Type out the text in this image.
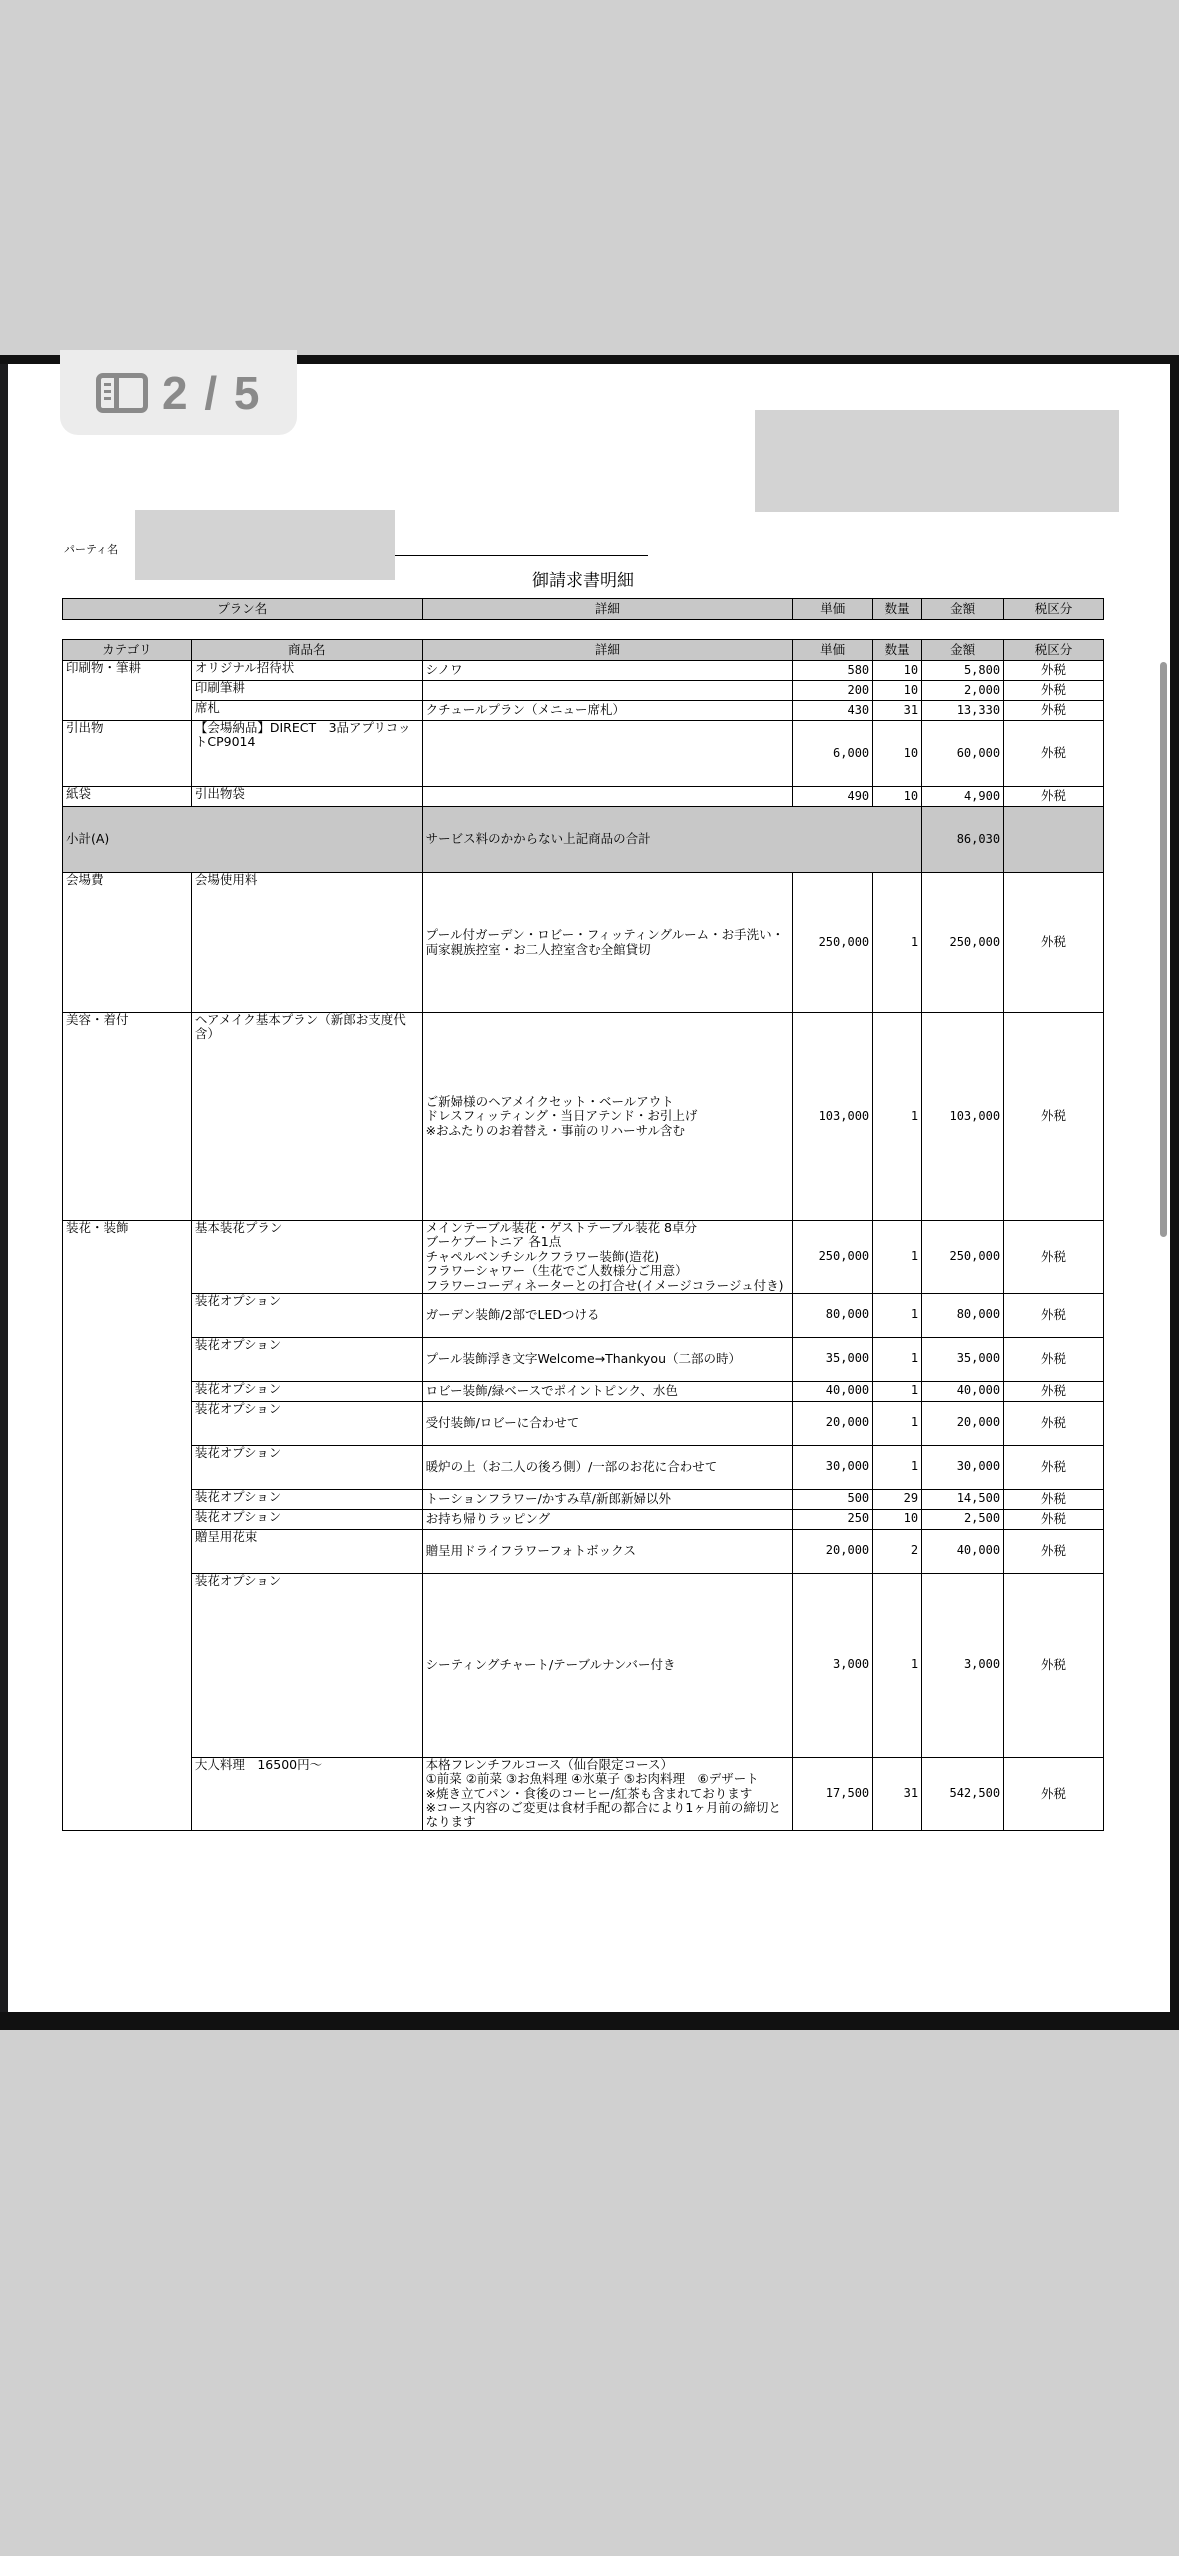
パーティ名
御請求書明細
プラン名	詳細	単価	数量	金額	税区分
カテゴリ	商品名	詳細	単価	数量	金額	税区分
印刷物・筆耕	オリジナル招待状	シノワ	580	10	5,800	外税
	印刷筆耕		200	10	2,000	外税
	席札	クチュールプラン（メニュー席札）	430	31	13,330	外税
引出物	【会場納品】DIRECT　3品アプリコットCP9014		6,000	10	60,000	外税
紙袋	引出物袋		490	10	4,900	外税
小計(A)		サービス料のかからない上記商品の合計			86,030	
会場費	会場使用料	プール付ガーデン・ロビー・フィッティングルーム・お手洗い・両家親族控室・お二人控室含む全館貸切	250,000	1	250,000	外税
美容・着付	ヘアメイク基本プラン（新郎お支度代含）	ご新婦様のヘアメイクセット・ベールアウト
ドレスフィッティング・当日アテンド・お引上げ
※おふたりのお着替え・事前のリハーサル含む	103,000	1	103,000	外税
装花・装飾	基本装花プラン	メインテーブル装花・ゲストテーブル装花 8卓分
ブーケブートニア 各1点
チャペルベンチシルクフラワー装飾(造花)
フラワーシャワー（生花でご人数様分ご用意）
フラワーコーディネーターとの打合せ(イメージコラージュ付き)	250,000	1	250,000	外税
	装花オプション	ガーデン装飾/2部でLEDつける	80,000	1	80,000	外税
	装花オプション	プール装飾浮き文字Welcome→Thankyou（二部の時）	35,000	1	35,000	外税
	装花オプション	ロビー装飾/緑ベースでポイントピンク、水色	40,000	1	40,000	外税
	装花オプション	受付装飾/ロビーに合わせて	20,000	1	20,000	外税
	装花オプション	暖炉の上（お二人の後ろ側）/一部のお花に合わせて	30,000	1	30,000	外税
	装花オプション	トーションフラワー/かすみ草/新郎新婦以外	500	29	14,500	外税
	装花オプション	お持ち帰りラッピング	250	10	2,500	外税
	贈呈用花束	贈呈用ドライフラワーフォトボックス	20,000	2	40,000	外税
	装花オプション	シーティングチャート/テーブルナンバー付き	3,000	1	3,000	外税
	大人料理　16500円〜	本格フレンチフルコース（仙台限定コース）
①前菜 ②前菜 ③お魚料理 ④氷菓子 ⑤お肉料理　⑥デザート
※焼き立てパン・食後のコーヒー/紅茶も含まれております
※コース内容のご変更は食材手配の都合により1ヶ月前の締切となります	17,500	31	542,500	外税
2 / 5
